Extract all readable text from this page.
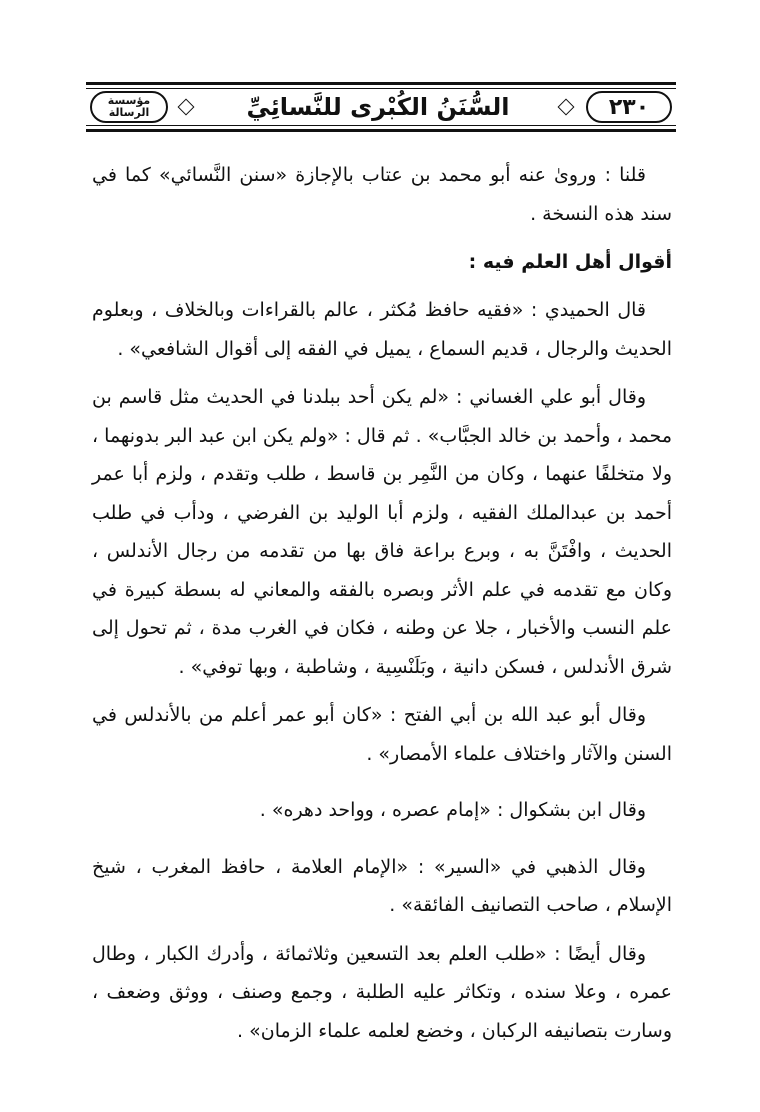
مؤسسة الرسالة	السُّنَنُ الكُبْرى للنَّسائِيِّ	٢٣٠

قلنا : وروىٰ عنه أبو محمد بن عتاب بالإجازة «سنن النَّسائي» كما في سند هذه النسخة .

أقوال أهل العلم فيه :

قال الحميدي : «فقيه حافظ مُكثر ، عالم بالقراءات وبالخلاف ، وبعلوم الحديث والرجال ، قديم السماع ، يميل في الفقه إلى أقوال الشافعي» .

وقال أبو علي الغساني : «لم يكن أحد ببلدنا في الحديث مثل قاسم بن محمد ، وأحمد بن خالد الجبَّاب» . ثم قال : «ولم يكن ابن عبد البر بدونهما ، ولا متخلفًا عنهما ، وكان من النَّمِر بن قاسط ، طلب وتقدم ، ولزم أبا عمر أحمد بن عبدالملك الفقيه ، ولزم أبا الوليد بن الفرضي ، ودأب في طلب الحديث ، وافْتَنَّ به ، وبرع براعة فاق بها من تقدمه من رجال الأندلس ، وكان مع تقدمه في علم الأثر وبصره بالفقه والمعاني له بسطة كبيرة في علم النسب والأخبار ، جلا عن وطنه ، فكان في الغرب مدة ، ثم تحول إلى شرق الأندلس ، فسكن دانية ، وبَلَنْسِية ، وشاطبة ، وبها توفي» .

وقال أبو عبد الله بن أبي الفتح : «كان أبو عمر أعلم من بالأندلس في السنن والآثار واختلاف علماء الأمصار» .

وقال ابن بشكوال : «إمام عصره ، وواحد دهره» .

وقال الذهبي في «السير» : «الإمام العلامة ، حافظ المغرب ، شيخ الإسلام ، صاحب التصانيف الفائقة» .

وقال أيضًا : «طلب العلم بعد التسعين وثلاثمائة ، وأدرك الكبار ، وطال عمره ، وعلا سنده ، وتكاثر عليه الطلبة ، وجمع وصنف ، ووثق وضعف ، وسارت بتصانيفه الركبان ، وخضع لعلمه علماء الزمان» .
